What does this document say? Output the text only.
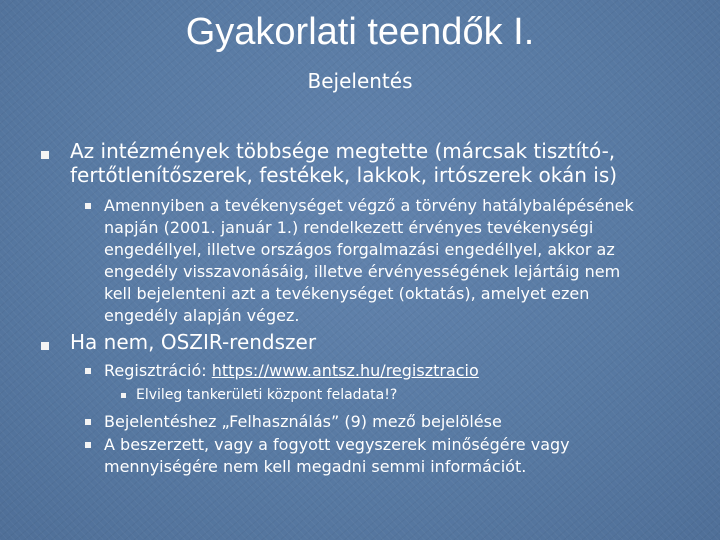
Gyakorlati teendők I.
Bejelentés
Az intézmények többsége megtette (márcsak tisztító-,
fertőtlenítőszerek, festékek, lakkok, irtószerek okán is)
Amennyiben a tevékenységet végző a törvény hatálybalépésének
napján (2001. január 1.) rendelkezett érvényes tevékenységi
engedéllyel, illetve országos forgalmazási engedéllyel, akkor az
engedély visszavonásáig, illetve érvényességének lejártáig nem
kell bejelenteni azt a tevékenységet (oktatás), amelyet ezen
engedély alapján végez.
Ha nem, OSZIR-rendszer
Regisztráció: https://www.antsz.hu/regisztracio
Elvileg tankerületi központ feladata!?
Bejelentéshez „Felhasználás” (9) mező bejelölése
A beszerzett, vagy a fogyott vegyszerek minőségére vagy
mennyiségére nem kell megadni semmi információt.
